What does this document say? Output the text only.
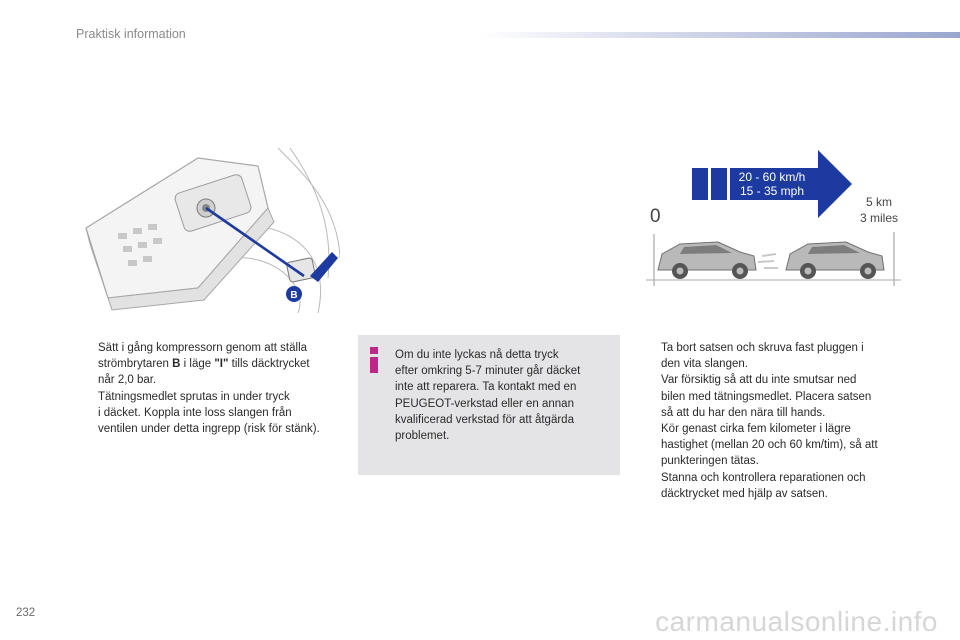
Praktisk information
B
20 - 60 km/h
15 - 35 mph
0
5 km
3 miles
Sätt i gång kompressorn genom att ställa
strömbrytaren B i läge "I" tills däcktrycket
når 2,0 bar.
Tätningsmedlet sprutas in under tryck
i däcket. Koppla inte loss slangen från
ventilen under detta ingrepp (risk för stänk).
Om du inte lyckas nå detta tryck
efter omkring 5-7 minuter går däcket
inte att reparera. Ta kontakt med en
PEUGEOT-verkstad eller en annan
kvalificerad verkstad för att åtgärda
problemet.
Ta bort satsen och skruva fast pluggen i
den vita slangen.
Var försiktig så att du inte smutsar ned
bilen med tätningsmedlet. Placera satsen
så att du har den nära till hands.
Kör genast cirka fem kilometer i lägre
hastighet (mellan 20 och 60 km/tim), så att
punkteringen tätas.
Stanna och kontrollera reparationen och
däcktrycket med hjälp av satsen.
232	carmanualsonline.info
